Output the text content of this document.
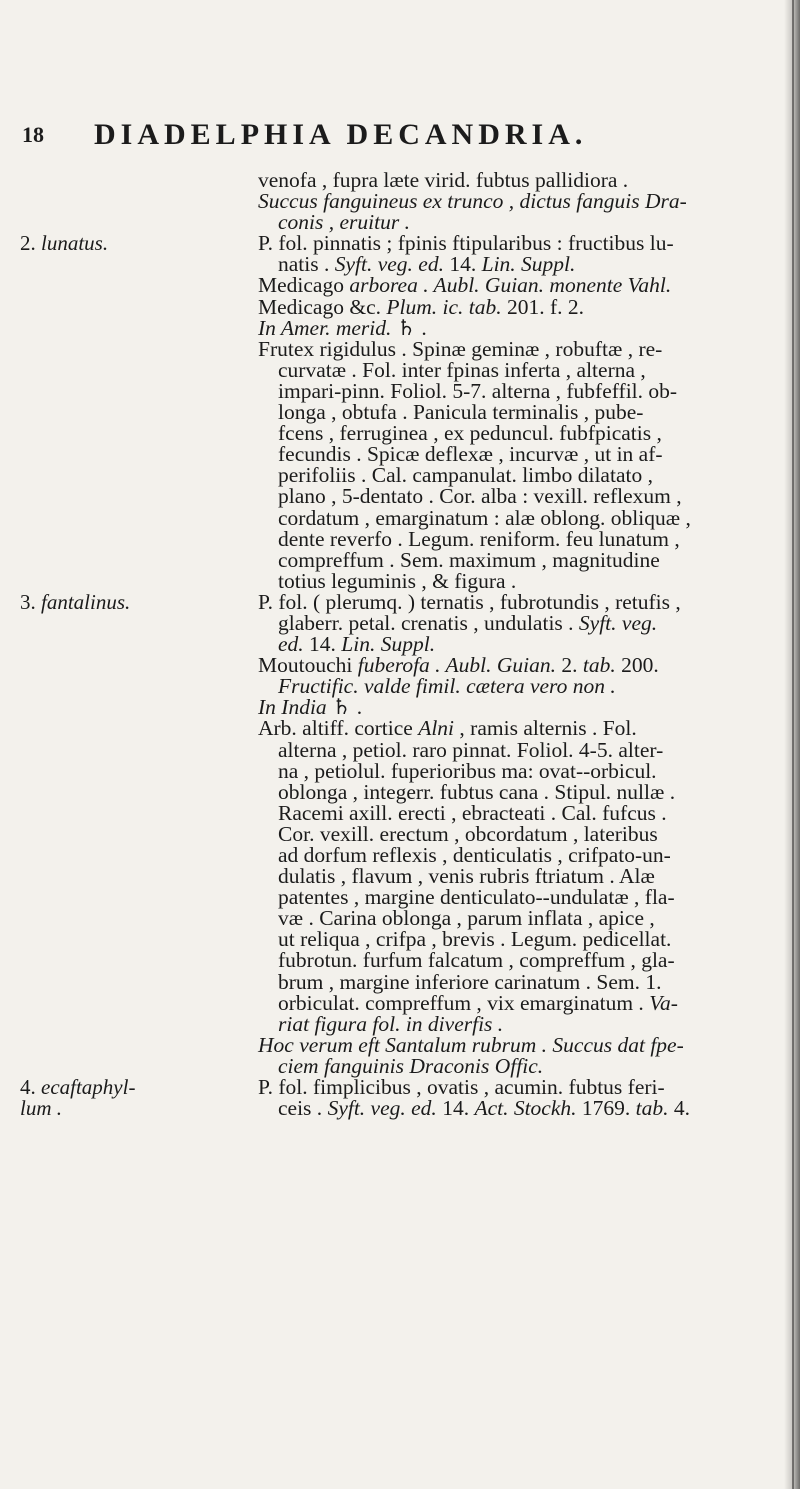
18 DIADELPHIA DECANDRIA.
venofa , fupra læte virid. fubtus pallidiora .
Succus fanguineus ex trunco , dictus fanguis Dra-
conis , eruitur .
2. lunatus.	P. fol. pinnatis ; fpinis ftipularibus : fructibus lu-
natis . Syft. veg. ed. 14. Lin. Suppl.
Medicago arborea . Aubl. Guian. monente Vahl.
Medicago &c. Plum. ic. tab. 201. f. 2.
In Amer. merid. ♄ .
Frutex rigidulus . Spinæ geminæ , robuftæ , re-
curvatæ . Fol. inter fpinas inferta , alterna ,
impari-pinn. Foliol. 5-7. alterna , fubfeffil. ob-
longa , obtufa . Panicula terminalis , pube-
fcens , ferruginea , ex peduncul. fubfpicatis ,
fecundis . Spicæ deflexæ , incurvæ , ut in af-
perifoliis . Cal. campanulat. limbo dilatato ,
plano , 5-dentato . Cor. alba : vexill. reflexum ,
cordatum , emarginatum : alæ oblong. obliquæ ,
dente reverfo . Legum. reniform. feu lunatum ,
compreffum . Sem. maximum , magnitudine
totius leguminis , & figura .
3. fantalinus.	P. fol. ( plerumq. ) ternatis , fubrotundis , retufis ,
glaberr. petal. crenatis , undulatis . Syft. veg.
ed. 14. Lin. Suppl.
Moutouchi fuberofa . Aubl. Guian. 2. tab. 200.
Fructific. valde fimil. cætera vero non .
In India ♄ .
Arb. altiff. cortice Alni , ramis alternis . Fol.
alterna , petiol. raro pinnat. Foliol. 4-5. alter-
na , petiolul. fuperioribus ma: ovat--orbicul.
oblonga , integerr. fubtus cana . Stipul. nullæ .
Racemi axill. erecti , ebracteati . Cal. fufcus .
Cor. vexill. erectum , obcordatum , lateribus
ad dorfum reflexis , denticulatis , crifpato-un-
dulatis , flavum , venis rubris ftriatum . Alæ
patentes , margine denticulato--undulatæ , fla-
væ . Carina oblonga , parum inflata , apice ,
ut reliqua , crifpa , brevis . Legum. pedicellat.
fubrotun. furfum falcatum , compreffum , gla-
brum , margine inferiore carinatum . Sem. 1.
orbiculat. compreffum , vix emarginatum . Va-
riat figura fol. in diverfis .
Hoc verum eft Santalum rubrum . Succus dat fpe-
ciem fanguinis Draconis Offic.
4. ecaftaphyl-	P. fol. fimplicibus , ovatis , acumin. fubtus feri-
lum .	ceis . Syft. veg. ed. 14. Act. Stockh. 1769. tab. 4.
